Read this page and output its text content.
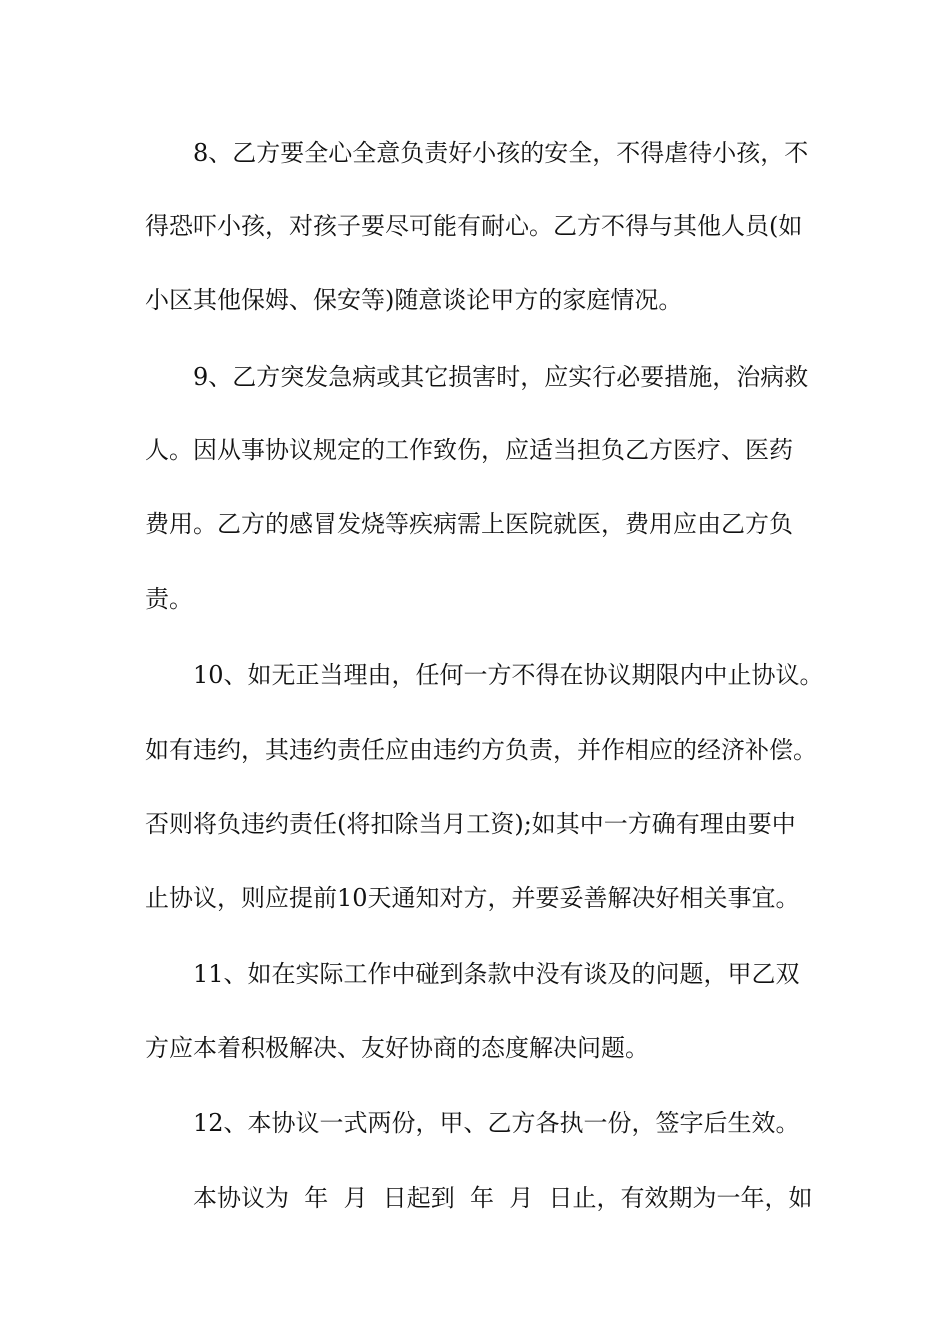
8、乙方要全心全意负责好小孩的安全，不得虐待小孩，不

得恐吓小孩，对孩子要尽可能有耐心。乙方不得与其他人员(如

小区其他保姆、保安等)随意谈论甲方的家庭情况。

9、乙方突发急病或其它损害时，应实行必要措施，治病救

人。因从事协议规定的工作致伤，应适当担负乙方医疗、医药

费用。乙方的感冒发烧等疾病需上医院就医，费用应由乙方负

责。

10、如无正当理由，任何一方不得在协议期限内中止协议。

如有违约，其违约责任应由违约方负责，并作相应的经济补偿。

否则将负违约责任(将扣除当月工资);如其中一方确有理由要中

止协议，则应提前10天通知对方，并要妥善解决好相关事宜。

11、如在实际工作中碰到条款中没有谈及的问题，甲乙双

方应本着积极解决、友好协商的态度解决问题。

12、本协议一式两份，甲、乙方各执一份，签字后生效。

本协议为  年  月  日起到  年  月  日止，有效期为一年，如
